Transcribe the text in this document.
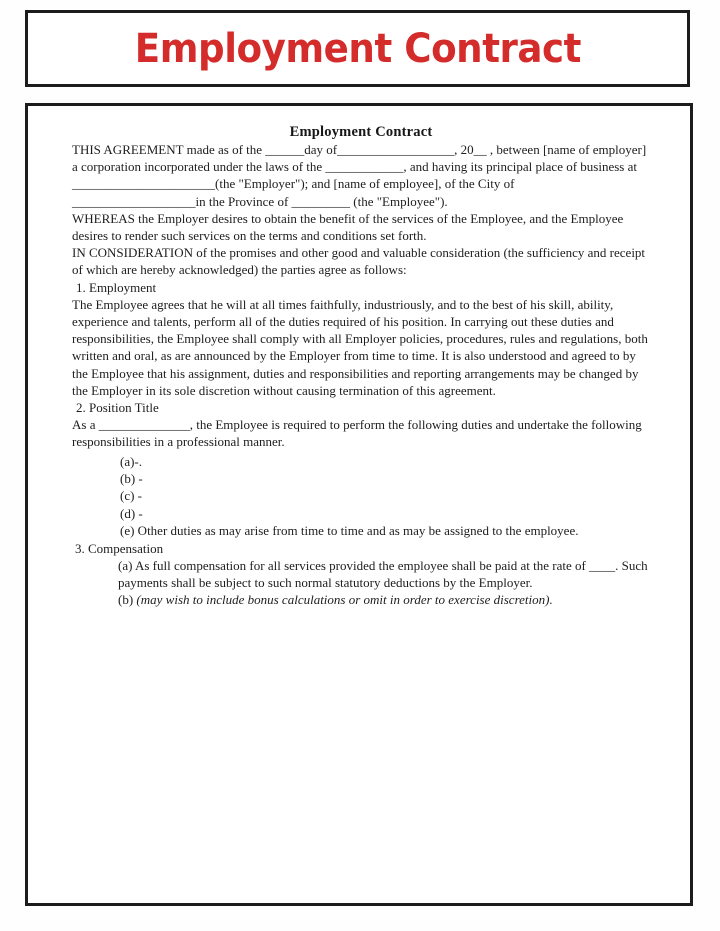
Employment Contract
Employment Contract

THIS AGREEMENT made as of the ______day of__________________, 20__ , between [name of employer] a corporation incorporated under the laws of the ____________, and having its principal place of business at ______________________(the "Employer"); and [name of employee], of the City of ___________________in the Province of _________ (the "Employee").

WHEREAS the Employer desires to obtain the benefit of the services of the Employee, and the Employee desires to render such services on the terms and conditions set forth.

IN CONSIDERATION of the promises and other good and valuable consideration (the sufficiency and receipt of which are hereby acknowledged) the parties agree as follows:

1. Employment

The Employee agrees that he will at all times faithfully, industriously, and to the best of his skill, ability, experience and talents, perform all of the duties required of his position. In carrying out these duties and responsibilities, the Employee shall comply with all Employer policies, procedures, rules and regulations, both written and oral, as are announced by the Employer from time to time. It is also understood and agreed to by the Employee that his assignment, duties and responsibilities and reporting arrangements may be changed by the Employer in its sole discretion without causing termination of this agreement.

2. Position Title

As a ______________, the Employee is required to perform the following duties and undertake the following responsibilities in a professional manner.

(a)-.
(b) -
(c) -
(d) -
(e) Other duties as may arise from time to time and as may be assigned to the employee.

3. Compensation

(a) As full compensation for all services provided the employee shall be paid at the rate of ____. Such payments shall be subject to such normal statutory deductions by the Employer.

(b) (may wish to include bonus calculations or omit in order to exercise discretion).
